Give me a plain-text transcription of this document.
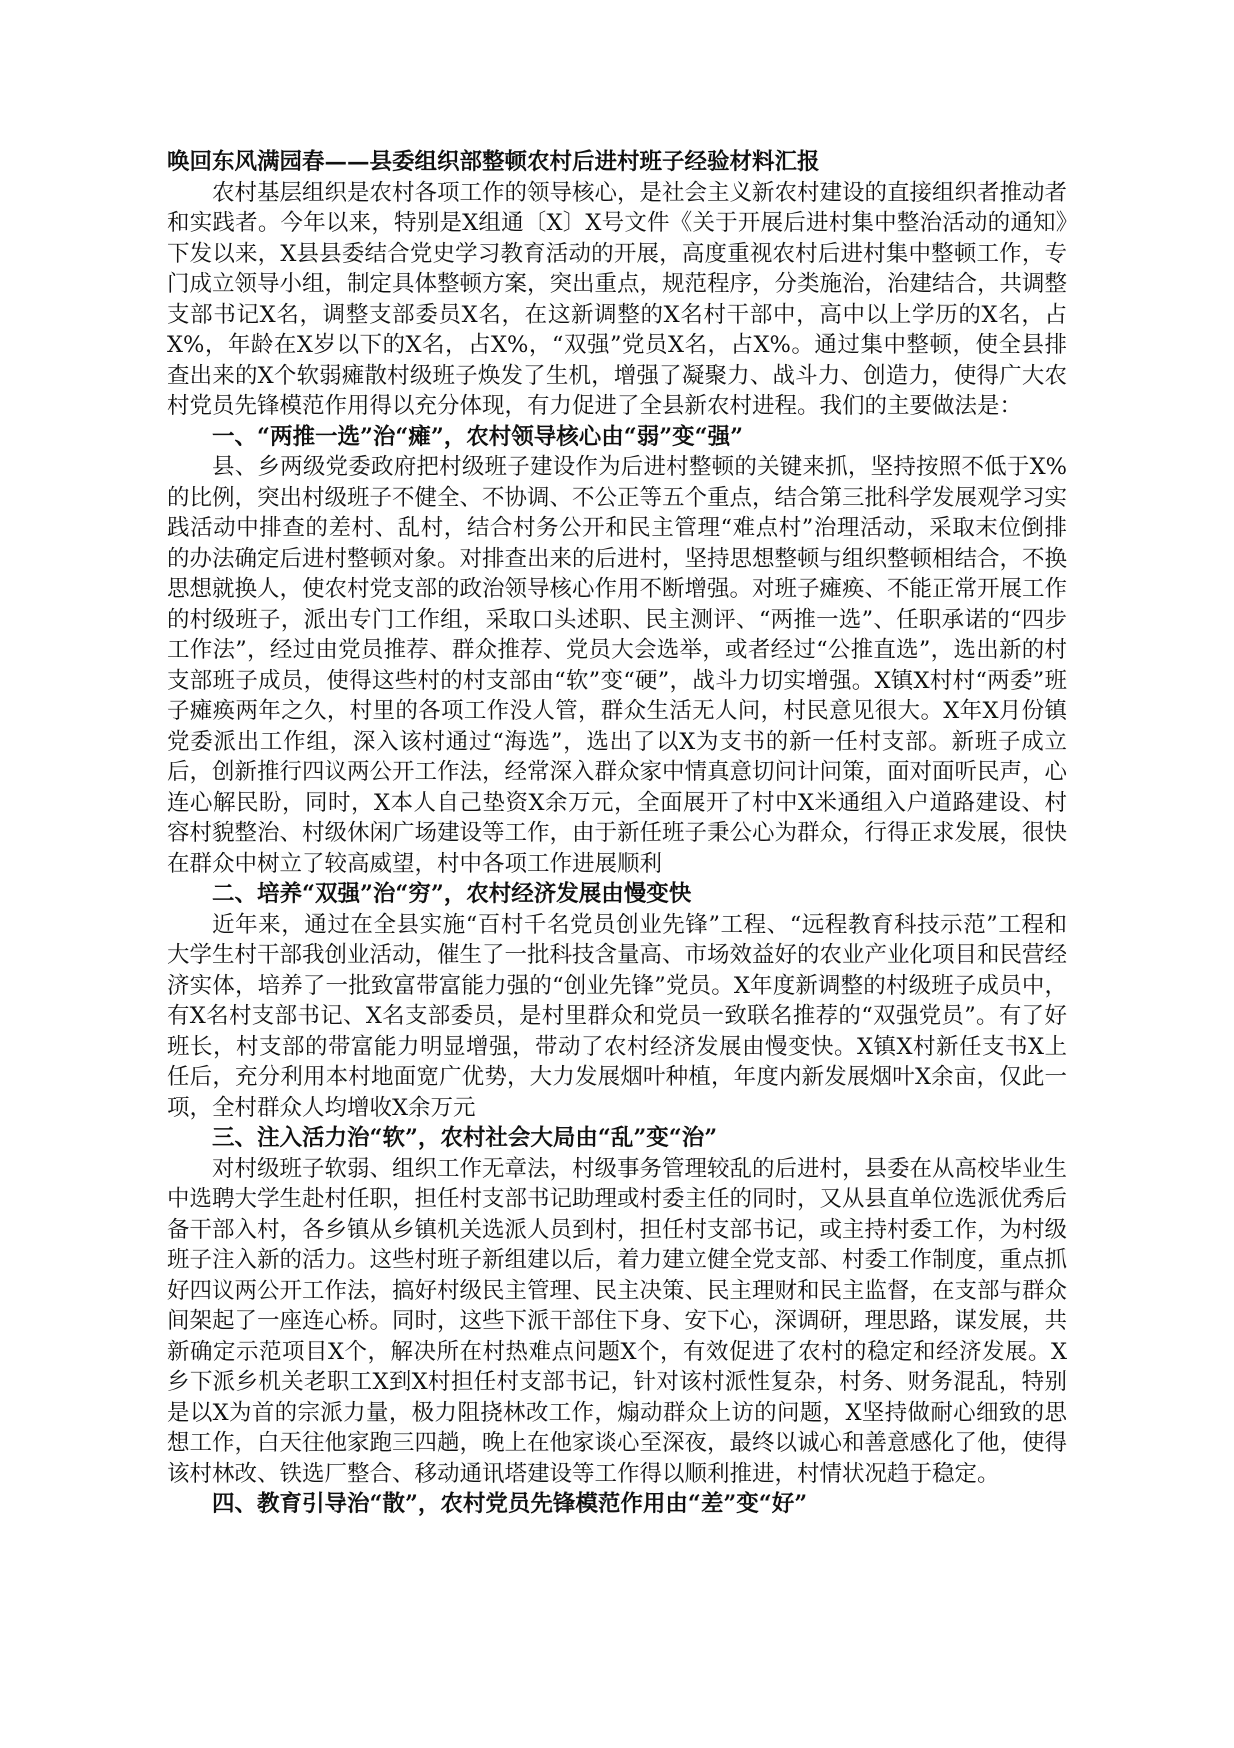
唤回东风满园春——县委组织部整顿农村后进村班子经验材料汇报

农村基层组织是农村各项工作的领导核心，是社会主义新农村建设的直接组织者推动者和实践者。今年以来，特别是X组通〔X〕X号文件《关于开展后进村集中整治活动的通知》下发以来，X县县委结合党史学习教育活动的开展，高度重视农村后进村集中整顿工作，专门成立领导小组，制定具体整顿方案，突出重点，规范程序，分类施治，治建结合，共调整支部书记X名，调整支部委员X名，在这新调整的X名村干部中，高中以上学历的X名，占X%，年龄在X岁以下的X名，占X%，“双强”党员X名，占X%。通过集中整顿，使全县排查出来的X个软弱瘫散村级班子焕发了生机，增强了凝聚力、战斗力、创造力，使得广大农村党员先锋模范作用得以充分体现，有力促进了全县新农村进程。我们的主要做法是：

一、“两推一选”治“瘫”，农村领导核心由“弱”变“强”

县、乡两级党委政府把村级班子建设作为后进村整顿的关键来抓，坚持按照不低于X%的比例，突出村级班子不健全、不协调、不公正等五个重点，结合第三批科学发展观学习实践活动中排查的差村、乱村，结合村务公开和民主管理“难点村”治理活动，采取末位倒排的办法确定后进村整顿对象。对排查出来的后进村，坚持思想整顿与组织整顿相结合，不换思想就换人，使农村党支部的政治领导核心作用不断增强。对班子瘫痪、不能正常开展工作的村级班子，派出专门工作组，采取口头述职、民主测评、“两推一选”、任职承诺的“四步工作法”，经过由党员推荐、群众推荐、党员大会选举，或者经过“公推直选”，选出新的村支部班子成员，使得这些村的村支部由“软”变“硬”，战斗力切实增强。X镇X村村“两委”班子瘫痪两年之久，村里的各项工作没人管，群众生活无人问，村民意见很大。X年X月份镇党委派出工作组，深入该村通过“海选”，选出了以X为支书的新一任村支部。新班子成立后，创新推行四议两公开工作法，经常深入群众家中情真意切问计问策，面对面听民声，心连心解民盼，同时，X本人自己垫资X余万元，全面展开了村中X米通组入户道路建设、村容村貌整治、村级休闲广场建设等工作，由于新任班子秉公心为群众，行得正求发展，很快在群众中树立了较高威望，村中各项工作进展顺利

二、培养“双强”治“穷”，农村经济发展由慢变快

近年来，通过在全县实施“百村千名党员创业先锋”工程、“远程教育科技示范”工程和大学生村干部我创业活动，催生了一批科技含量高、市场效益好的农业产业化项目和民营经济实体，培养了一批致富带富能力强的“创业先锋”党员。X年度新调整的村级班子成员中，有X名村支部书记、X名支部委员，是村里群众和党员一致联名推荐的“双强党员”。有了好班长，村支部的带富能力明显增强，带动了农村经济发展由慢变快。X镇X村新任支书X上任后，充分利用本村地面宽广优势，大力发展烟叶种植，年度内新发展烟叶X余亩，仅此一项，全村群众人均增收X余万元

三、注入活力治“软”，农村社会大局由“乱”变“治”

对村级班子软弱、组织工作无章法，村级事务管理较乱的后进村，县委在从高校毕业生中选聘大学生赴村任职，担任村支部书记助理或村委主任的同时，又从县直单位选派优秀后备干部入村，各乡镇从乡镇机关选派人员到村，担任村支部书记，或主持村委工作，为村级班子注入新的活力。这些村班子新组建以后，着力建立健全党支部、村委工作制度，重点抓好四议两公开工作法，搞好村级民主管理、民主决策、民主理财和民主监督，在支部与群众间架起了一座连心桥。同时，这些下派干部住下身、安下心，深调研，理思路，谋发展，共新确定示范项目X个，解决所在村热难点问题X个，有效促进了农村的稳定和经济发展。X乡下派乡机关老职工X到X村担任村支部书记，针对该村派性复杂，村务、财务混乱，特别是以X为首的宗派力量，极力阻挠林改工作，煽动群众上访的问题，X坚持做耐心细致的思想工作，白天往他家跑三四趟，晚上在他家谈心至深夜，最终以诚心和善意感化了他，使得该村林改、铁选厂整合、移动通讯塔建设等工作得以顺利推进，村情状况趋于稳定。

四、教育引导治“散”，农村党员先锋模范作用由“差”变“好”
